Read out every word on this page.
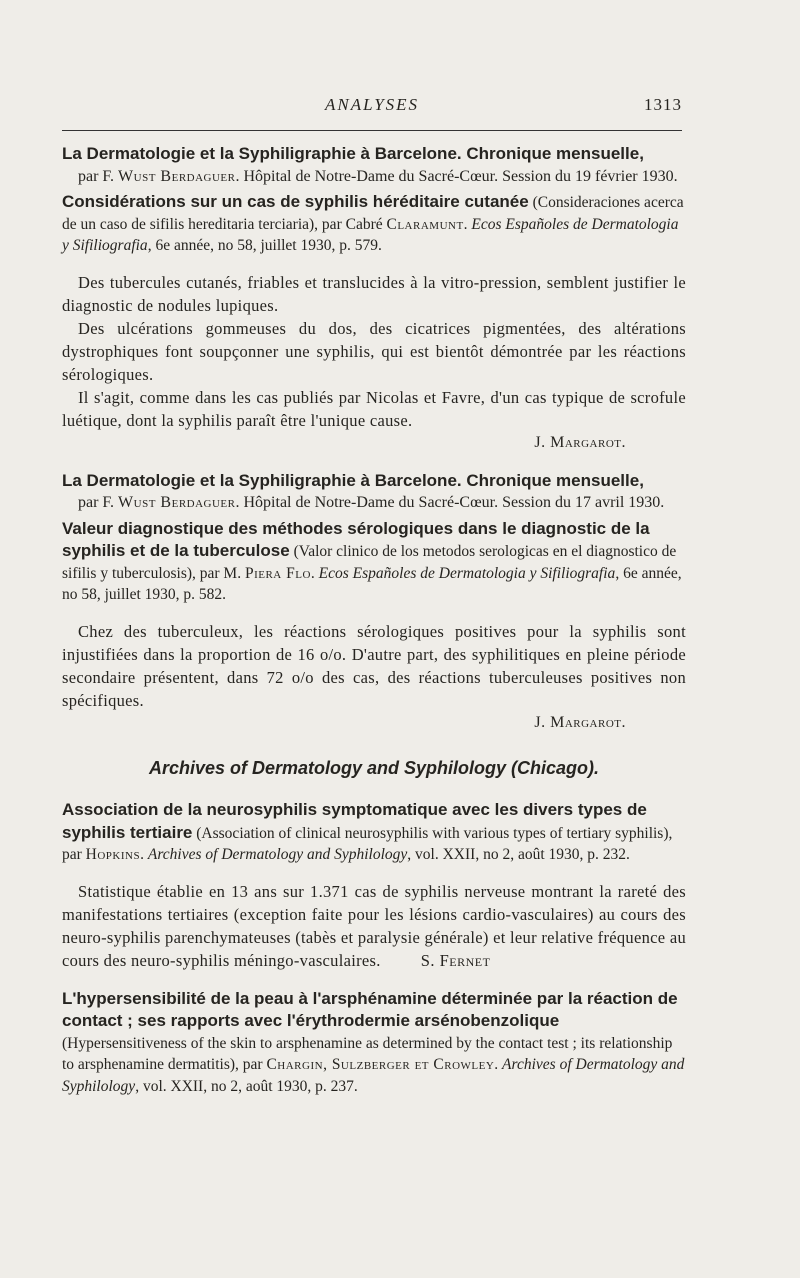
ANALYSES	1313
La Dermatologie et la Syphiligraphie à Barcelone. Chronique mensuelle,
par F. Wust Berdaguer. Hôpital de Notre-Dame du Sacré-Cœur. Session du 19 février 1930.
Considérations sur un cas de syphilis héréditaire cutanée (Consideraciones acerca de un caso de sifilis hereditaria terciaria), par Cabré Claramunt. Ecos Españoles de Dermatologia y Sifiliografia, 6e année, no 58, juillet 1930, p. 579.

Des tubercules cutanés, friables et translucides à la vitro-pression, semblent justifier le diagnostic de nodules lupiques.

Des ulcérations gommeuses du dos, des cicatrices pigmentées, des altérations dystrophiques font soupçonner une syphilis, qui est bientôt démontrée par les réactions sérologiques.

Il s'agit, comme dans les cas publiés par Nicolas et Favre, d'un cas typique de scrofule luétique, dont la syphilis paraît être l'unique cause.

J. Margarot.
La Dermatologie et la Syphiligraphie à Barcelone. Chronique mensuelle,
par F. Wust Berdaguer. Hôpital de Notre-Dame du Sacré-Cœur. Session du 17 avril 1930.
Valeur diagnostique des méthodes sérologiques dans le diagnostic de la syphilis et de la tuberculose (Valor clinico de los metodos serologicas en el diagnostico de sifilis y tuberculosis), par M. Piera Flo. Ecos Españoles de Dermatologia y Sifiliografia, 6e année, no 58, juillet 1930, p. 582.

Chez des tuberculeux, les réactions sérologiques positives pour la syphilis sont injustifiées dans la proportion de 16 o/o. D'autre part, des syphilitiques en pleine période secondaire présentent, dans 72 o/o des cas, des réactions tuberculeuses positives non spécifiques.

J. Margarot.
Archives of Dermatology and Syphilology (Chicago).
Association de la neurosyphilis symptomatique avec les divers types de syphilis tertiaire (Association of clinical neurosyphilis with various types of tertiary syphilis), par Hopkins. Archives of Dermatology and Syphilology, vol. XXII, no 2, août 1930, p. 232.

Statistique établie en 13 ans sur 1.371 cas de syphilis nerveuse montrant la rareté des manifestations tertiaires (exception faite pour les lésions cardio-vasculaires) au cours des neuro-syphilis parenchymateuses (tabès et paralysie générale) et leur relative fréquence au cours des neuro-syphilis méningo-vasculaires. S. Fernet

L'hypersensibilité de la peau à l'arsphénamine déterminée par la réaction de contact ; ses rapports avec l'érythrodermie arsénobenzolique (Hypersensitiveness of the skin to arsphenamine as determined by the contact test ; its relationship to arsphenamine dermatitis), par Chargin, Sulzberger et Crowley. Archives of Dermatology and Syphilology, vol. XXII, no 2, août 1930, p. 237.
